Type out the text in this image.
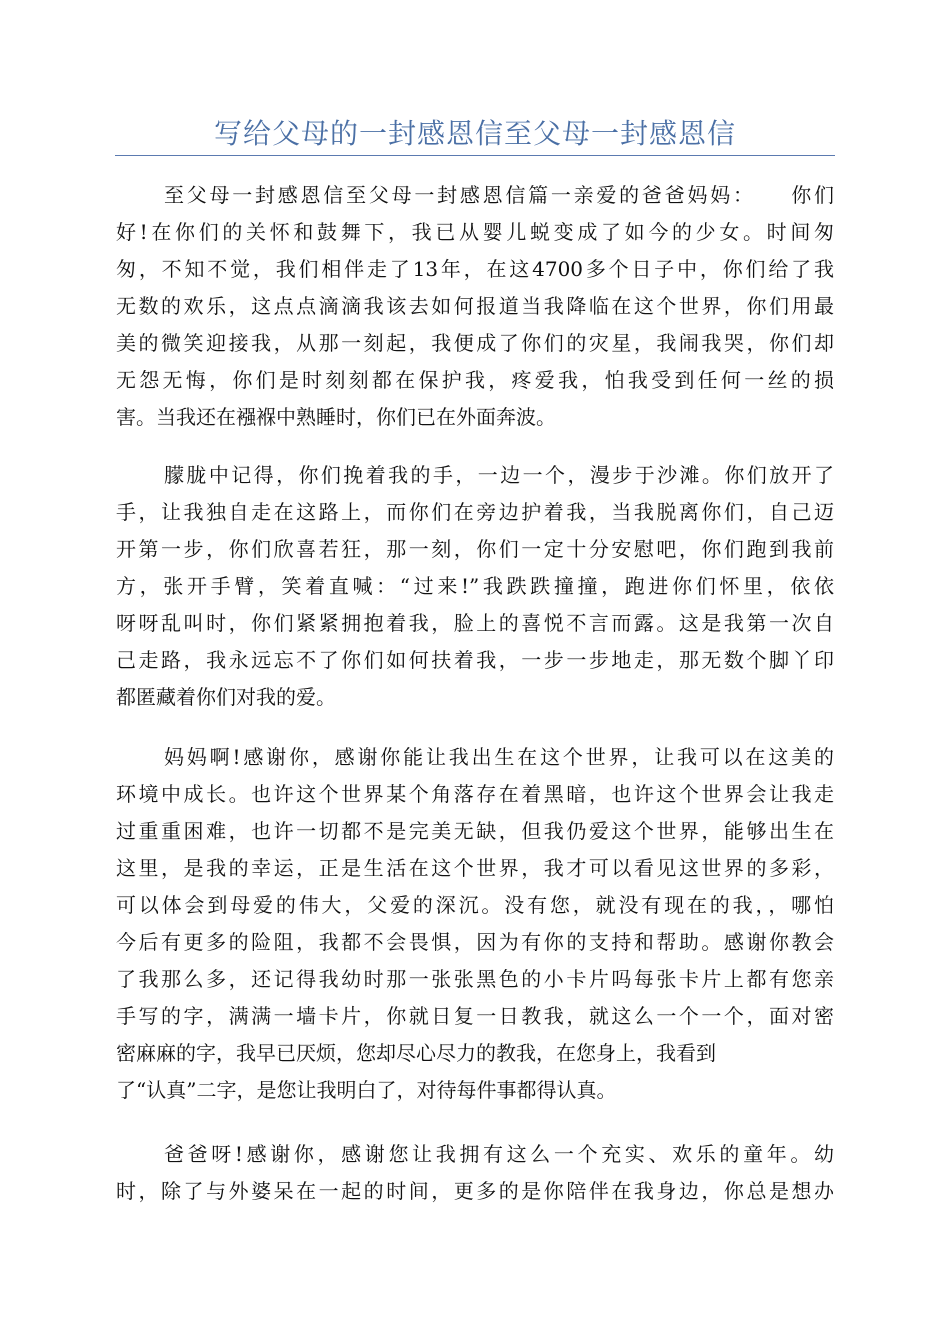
写给父母的一封感恩信至父母一封感恩信
至父母一封感恩信至父母一封感恩信篇一亲爱的爸爸妈妈：　　你们
好!在你们的关怀和鼓舞下，我已从婴儿蜕变成了如今的少女。时间匆
匆，不知不觉，我们相伴走了13年，在这4700多个日子中，你们给了我
无数的欢乐，这点点滴滴我该去如何报道当我降临在这个世界，你们用最
美的微笑迎接我，从那一刻起，我便成了你们的灾星，我闹我哭，你们却
无怨无悔，你们是时刻刻都在保护我，疼爱我，怕我受到任何一丝的损
害。当我还在襁褓中熟睡时，你们已在外面奔波。
朦胧中记得，你们挽着我的手，一边一个，漫步于沙滩。你们放开了
手，让我独自走在这路上，而你们在旁边护着我，当我脱离你们，自己迈
开第一步，你们欣喜若狂，那一刻，你们一定十分安慰吧，你们跑到我前
方，张开手臂，笑着直喊：“过来!”我跌跌撞撞，跑进你们怀里，依依
呀呀乱叫时，你们紧紧拥抱着我，脸上的喜悦不言而露。这是我第一次自
己走路，我永远忘不了你们如何扶着我，一步一步地走，那无数个脚丫印
都匿藏着你们对我的爱。
妈妈啊!感谢你，感谢你能让我出生在这个世界，让我可以在这美的
环境中成长。也许这个世界某个角落存在着黑暗，也许这个世界会让我走
过重重困难，也许一切都不是完美无缺，但我仍爱这个世界，能够出生在
这里，是我的幸运，正是生活在这个世界，我才可以看见这世界的多彩，
可以体会到母爱的伟大，父爱的深沉。没有您，就没有现在的我，，哪怕
今后有更多的险阻，我都不会畏惧，因为有你的支持和帮助。感谢你教会
了我那么多，还记得我幼时那一张张黑色的小卡片吗每张卡片上都有您亲
手写的字，满满一墙卡片，你就日复一日教我，就这么一个一个，面对密
密麻麻的字，我早已厌烦，您却尽心尽力的教我，在您身上，我看到
了“认真”二字，是您让我明白了，对待每件事都得认真。
爸爸呀!感谢你，感谢您让我拥有这么一个充实、欢乐的童年。幼
时，除了与外婆呆在一起的时间，更多的是你陪伴在我身边，你总是想办
